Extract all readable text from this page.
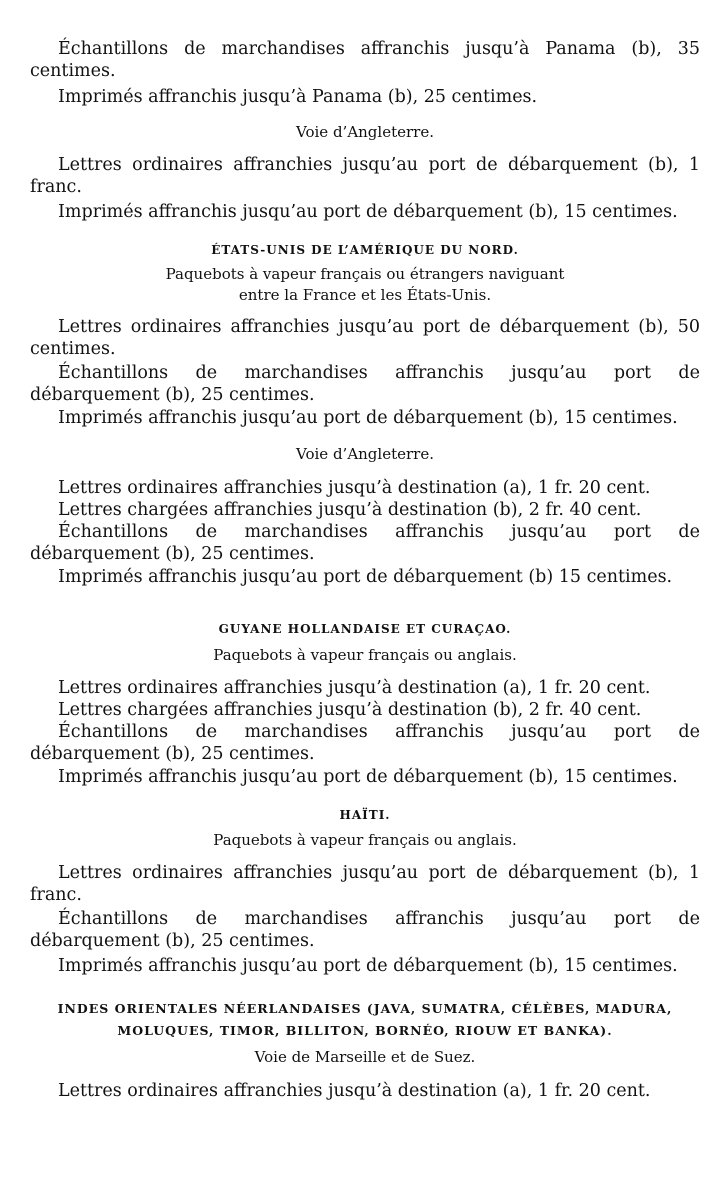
Échantillons de marchandises affranchis jusqu’à Panama (b), 35 centimes.

Imprimés affranchis jusqu’à Panama (b), 25 centimes.

Voie d’Angleterre.

Lettres ordinaires affranchies jusqu’au port de débarquement (b), 1 franc.

Imprimés affranchis jusqu’au port de débarquement (b), 15 centimes.

ÉTATS-UNIS DE L’AMÉRIQUE DU NORD.

Paquebots à vapeur français ou étrangers naviguant

entre la France et les États-Unis.

Lettres ordinaires affranchies jusqu’au port de débarquement (b), 50 centimes.

Échantillons de marchandises affranchis jusqu’au port de débarquement (b), 25 centimes.

Imprimés affranchis jusqu’au port de débarquement (b), 15 centimes.

Voie d’Angleterre.

Lettres ordinaires affranchies jusqu’à destination (a), 1 fr. 20 cent.

Lettres chargées affranchies jusqu’à destination (b), 2 fr. 40 cent.

Échantillons de marchandises affranchis jusqu’au port de débarquement (b), 25 centimes.

Imprimés affranchis jusqu’au port de débarquement (b) 15 centimes.

GUYANE HOLLANDAISE ET CURAÇAO.

Paquebots à vapeur français ou anglais.

Lettres ordinaires affranchies jusqu’à destination (a), 1 fr. 20 cent.

Lettres chargées affranchies jusqu’à destination (b), 2 fr. 40 cent.

Échantillons de marchandises affranchis jusqu’au port de débarquement (b), 25 centimes.

Imprimés affranchis jusqu’au port de débarquement (b), 15 centimes.

HAÏTI.

Paquebots à vapeur français ou anglais.

Lettres ordinaires affranchies jusqu’au port de débarquement (b), 1 franc.

Échantillons de marchandises affranchis jusqu’au port de débarquement (b), 25 centimes.

Imprimés affranchis jusqu’au port de débarquement (b), 15 centimes.

INDES ORIENTALES NÉERLANDAISES (JAVA, SUMATRA, CÉLÈBES, MADURA, MOLUQUES, TIMOR, BILLITON, BORNÉO, RIOUW ET BANKA).

Voie de Marseille et de Suez.

Lettres ordinaires affranchies jusqu’à destination (a), 1 fr. 20 cent.
